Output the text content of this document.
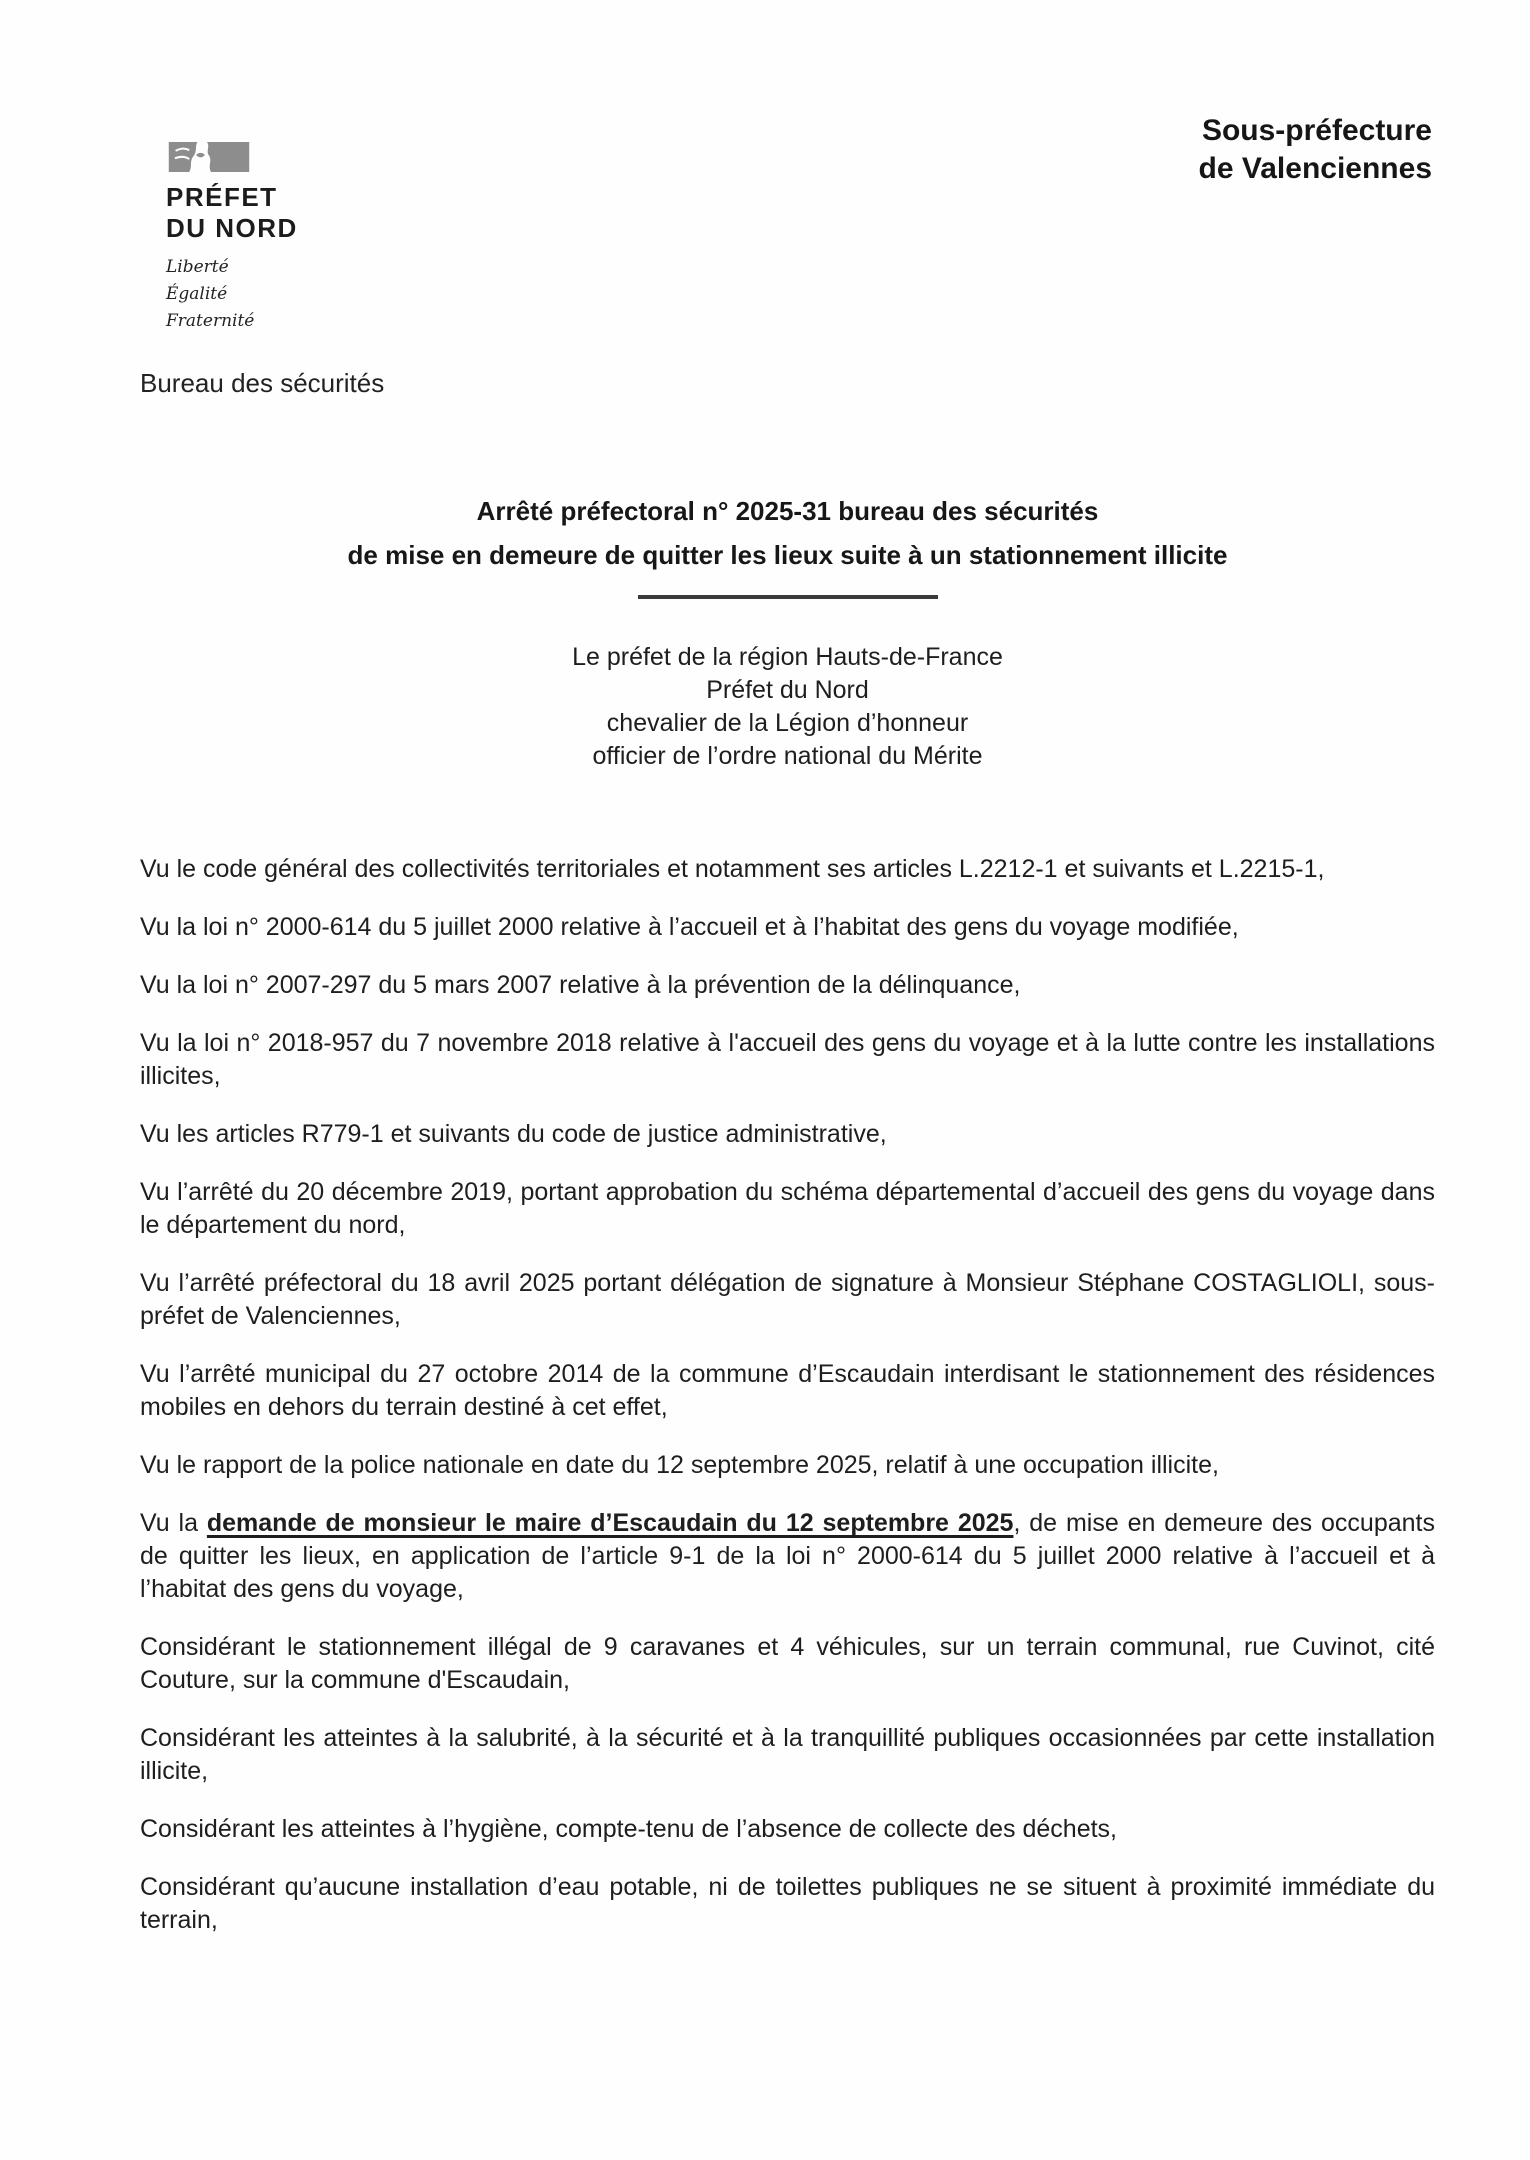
PRÉFET
DU NORD
Liberté
Égalité
Fraternité
Sous-préfecture
de Valenciennes
Bureau des sécurités
Arrêté préfectoral n° 2025-31 bureau des sécurités
de mise en demeure de quitter les lieux suite à un stationnement illicite
Le préfet de la région Hauts-de-France
Préfet du Nord
chevalier de la Légion d’honneur
officier de l’ordre national du Mérite

Vu le code général des collectivités territoriales et notamment ses articles L.2212-1 et suivants et L.2215-1,

Vu la loi n° 2000-614 du 5 juillet 2000 relative à l’accueil et à l’habitat des gens du voyage modifiée,

Vu la loi n° 2007-297 du 5 mars 2007 relative à la prévention de la délinquance,

Vu la loi n° 2018-957 du 7 novembre 2018 relative à l'accueil des gens du voyage et à la lutte contre les installations illicites,

Vu les articles R779-1 et suivants du code de justice administrative,

Vu l’arrêté du 20 décembre 2019, portant approbation du schéma départemental d’accueil des gens du voyage dans le département du nord,

Vu l’arrêté préfectoral du 18 avril 2025 portant délégation de signature à Monsieur Stéphane COSTAGLIOLI, sous-préfet de Valenciennes,

Vu l’arrêté municipal du 27 octobre 2014 de la commune d’Escaudain interdisant le stationnement des résidences mobiles en dehors du terrain destiné à cet effet,

Vu le rapport de la police nationale en date du 12 septembre 2025, relatif à une occupation illicite,

Vu la demande de monsieur le maire d’Escaudain du 12 septembre 2025, de mise en demeure des occupants de quitter les lieux, en application de l’article 9-1 de la loi n° 2000-614 du 5 juillet 2000 relative à l’accueil et à l’habitat des gens du voyage,

Considérant le stationnement illégal de 9 caravanes et 4 véhicules, sur un terrain communal, rue Cuvinot, cité Couture, sur la commune d'Escaudain,

Considérant les atteintes à la salubrité, à la sécurité et à la tranquillité publiques occasionnées par cette installation illicite,

Considérant les atteintes à l’hygiène, compte-tenu de l’absence de collecte des déchets,

Considérant qu’aucune installation d’eau potable, ni de toilettes publiques ne se situent à proximité immédiate du terrain,
